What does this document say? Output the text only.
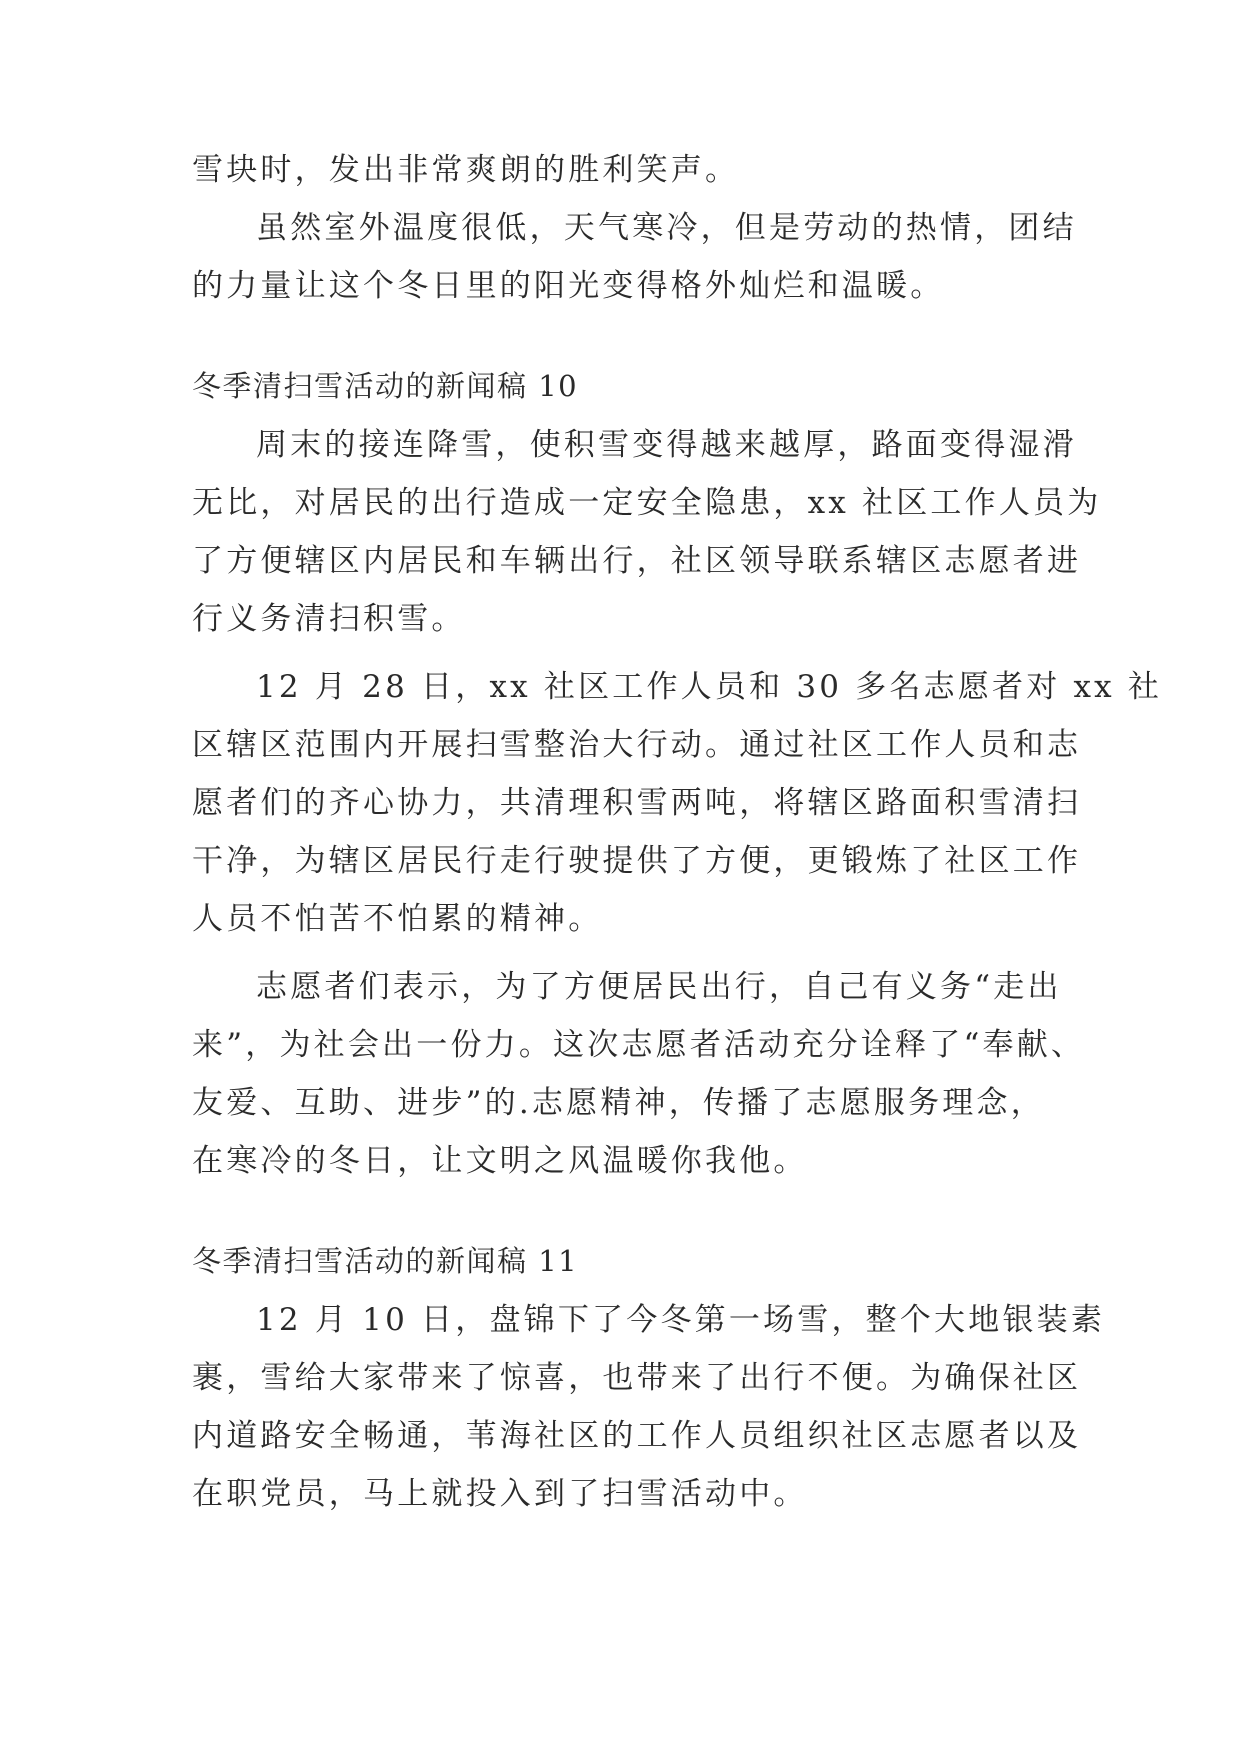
雪块时，发出非常爽朗的胜利笑声。
虽然室外温度很低，天气寒冷，但是劳动的热情，团结
的力量让这个冬日里的阳光变得格外灿烂和温暖。
冬季清扫雪活动的新闻稿 10
周末的接连降雪，使积雪变得越来越厚，路面变得湿滑
无比，对居民的出行造成一定安全隐患，xx 社区工作人员为
了方便辖区内居民和车辆出行，社区领导联系辖区志愿者进
行义务清扫积雪。
12 月 28 日，xx 社区工作人员和 30 多名志愿者对 xx 社
区辖区范围内开展扫雪整治大行动。通过社区工作人员和志
愿者们的齐心协力，共清理积雪两吨，将辖区路面积雪清扫
干净，为辖区居民行走行驶提供了方便，更锻炼了社区工作
人员不怕苦不怕累的精神。
志愿者们表示，为了方便居民出行，自己有义务“走出
来”，为社会出一份力。这次志愿者活动充分诠释了“奉献、
友爱、互助、进步”的.志愿精神，传播了志愿服务理念，
在寒冷的冬日，让文明之风温暖你我他。
冬季清扫雪活动的新闻稿 11
12 月 10 日，盘锦下了今冬第一场雪，整个大地银装素
裹，雪给大家带来了惊喜，也带来了出行不便。为确保社区
内道路安全畅通，苇海社区的工作人员组织社区志愿者以及
在职党员，马上就投入到了扫雪活动中。
